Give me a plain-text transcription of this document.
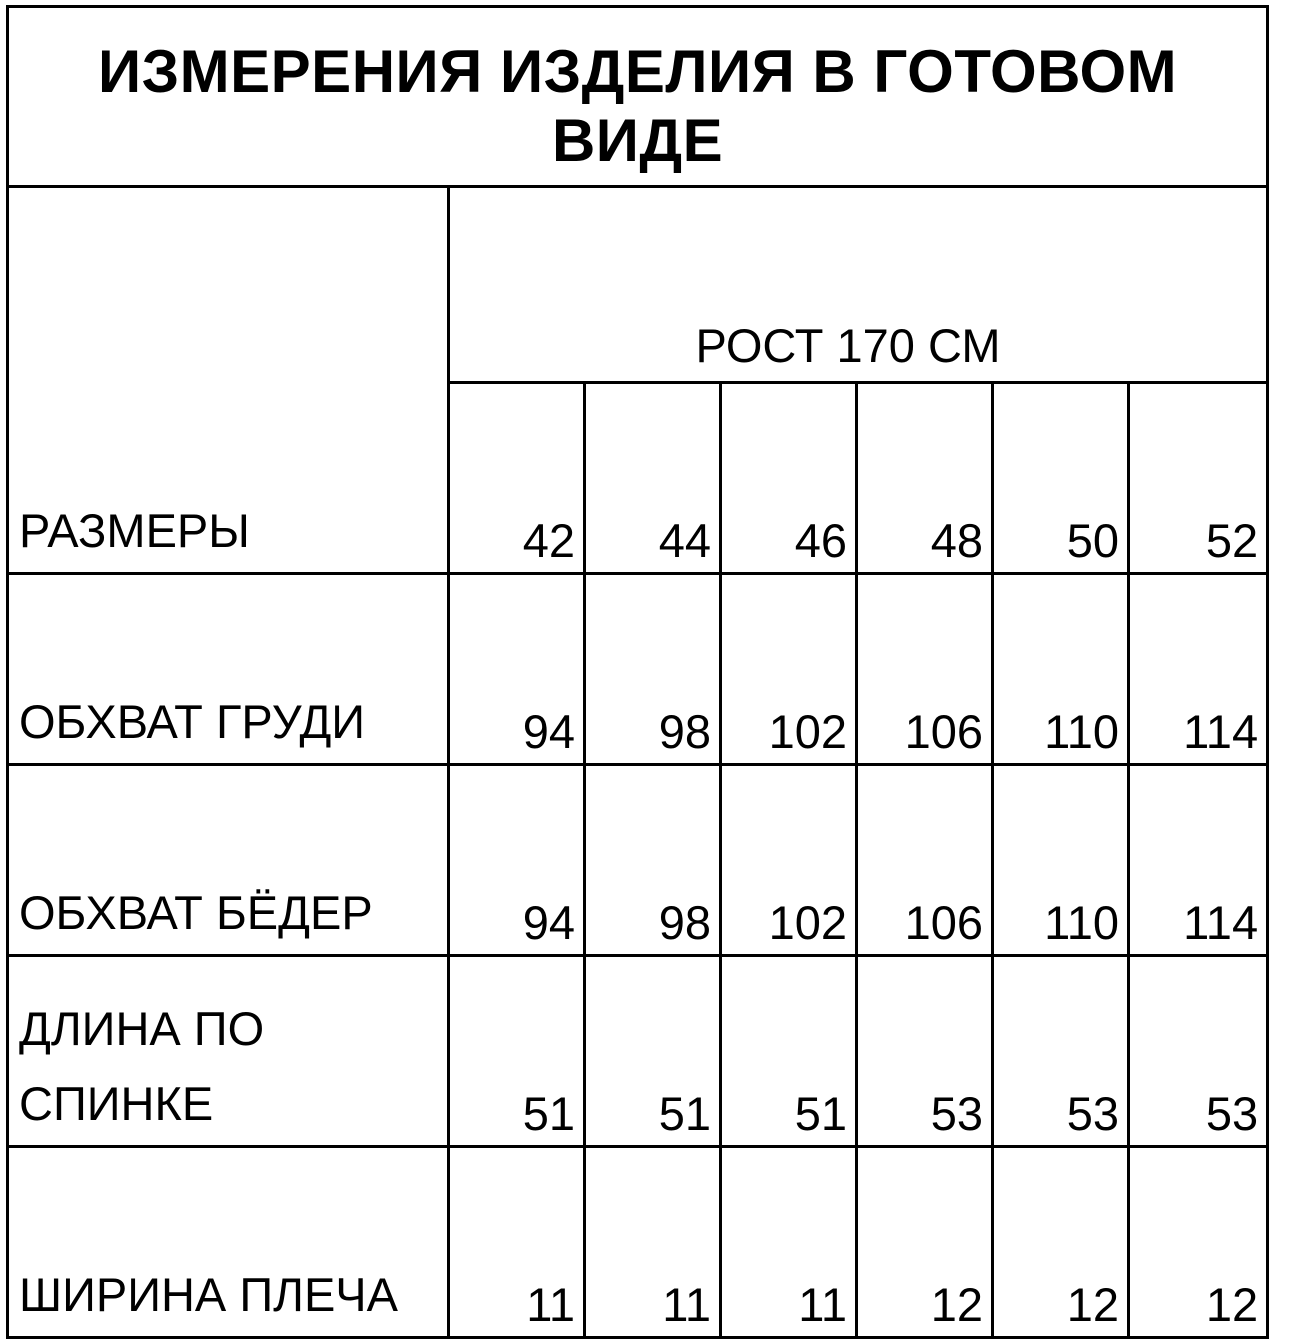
ИЗМЕРЕНИЯ ИЗДЕЛИЯ В ГОТОВОМ ВИДЕ						
РАЗМЕРЫ	РОСТ 170 СМ					
	42	44	46	48	50	52
ОБХВАТ ГРУДИ	94	98	102	106	110	114
ОБХВАТ БЁДЕР	94	98	102	106	110	114
ДЛИНА ПО СПИНКЕ	51	51	51	53	53	53
ШИРИНА ПЛЕЧА	11	11	11	12	12	12
